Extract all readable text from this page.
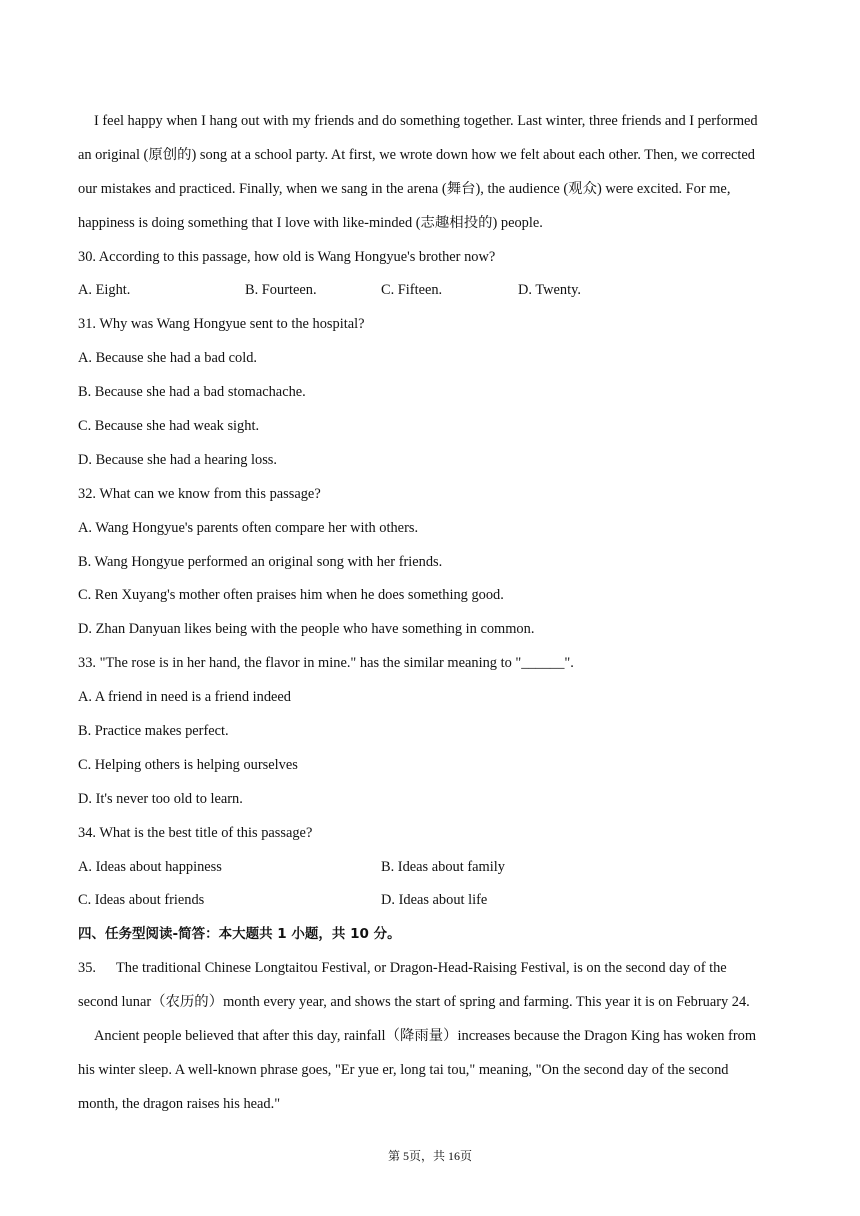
I feel happy when I hang out with my friends and do something together. Last winter, three friends and I performed
an original (原创的) song at a school party. At first, we wrote down how we felt about each other. Then, we corrected
our mistakes and practiced. Finally, when we sang in the arena (舞台), the audience (观众) were excited. For me,
happiness is doing something that I love with like-minded (志趣相投的) people.
30. According to this passage, how old is Wang Hongyue's brother now?
A. Eight.	B. Fourteen.	C. Fifteen.	D. Twenty.
31. Why was Wang Hongyue sent to the hospital?
A. Because she had a bad cold.
B. Because she had a bad stomachache.
C. Because she had weak sight.
D. Because she had a hearing loss.
32. What can we know from this passage?
A. Wang Hongyue's parents often compare her with others.
B. Wang Hongyue performed an original song with her friends.
C. Ren Xuyang's mother often praises him when he does something good.
D. Zhan Danyuan likes being with the people who have something in common.
33. "The rose is in her hand, the flavor in mine." has the similar meaning to "______".
A. A friend in need is a friend indeed
B. Practice makes perfect.
C. Helping others is helping ourselves
D. It's never too old to learn.
34. What is the best title of this passage?
A. Ideas about happiness	B. Ideas about family
C. Ideas about friends	D. Ideas about life
四、任务型阅读-简答：本大题共 1 小题，共 10 分。
35. The traditional Chinese Longtaitou Festival, or Dragon-Head-Raising Festival, is on the second day of the
second lunar（农历的）month every year, and shows the start of spring and farming. This year it is on February 24.
Ancient people believed that after this day, rainfall（降雨量）increases because the Dragon King has woken from
his winter sleep. A well-known phrase goes, "Er yue er, long tai tou," meaning, "On the second day of the second
month, the dragon raises his head."
第 5页，共 16页
